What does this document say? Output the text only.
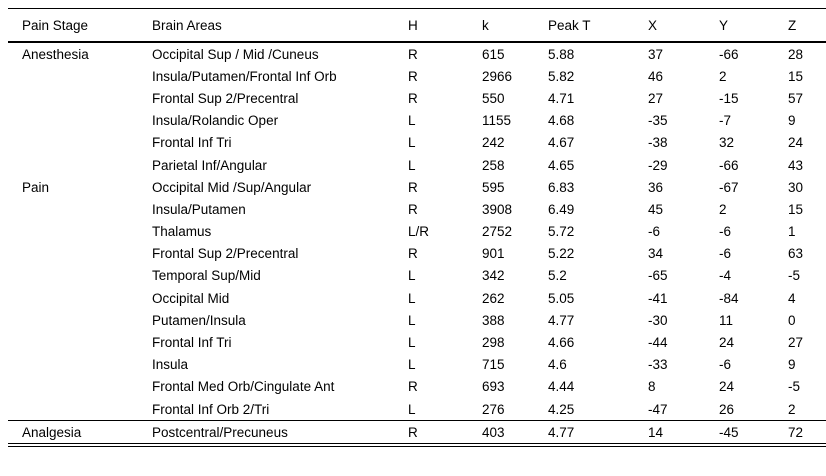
Pain Stage	Brain Areas	H	k	Peak T	X	Y	Z
Anesthesia	Occipital Sup / Mid /Cuneus	R	615	5.88	37	-66	28
	Insula/Putamen/Frontal Inf Orb	R	2966	5.82	46	2	15
	Frontal Sup 2/Precentral	R	550	4.71	27	-15	57
	Insula/Rolandic Oper	L	1155	4.68	-35	-7	9
	Frontal Inf Tri	L	242	4.67	-38	32	24
	Parietal Inf/Angular	L	258	4.65	-29	-66	43
Pain	Occipital Mid /Sup/Angular	R	595	6.83	36	-67	30
	Insula/Putamen	R	3908	6.49	45	2	15
	Thalamus	L/R	2752	5.72	-6	-6	1
	Frontal Sup 2/Precentral	R	901	5.22	34	-6	63
	Temporal Sup/Mid	L	342	5.2	-65	-4	-5
	Occipital Mid	L	262	5.05	-41	-84	4
	Putamen/Insula	L	388	4.77	-30	11	0
	Frontal Inf Tri	L	298	4.66	-44	24	27
	Insula	L	715	4.6	-33	-6	9
	Frontal Med Orb/Cingulate Ant	R	693	4.44	8	24	-5
	Frontal Inf Orb 2/Tri	L	276	4.25	-47	26	2
Analgesia	Postcentral/Precuneus	R	403	4.77	14	-45	72
